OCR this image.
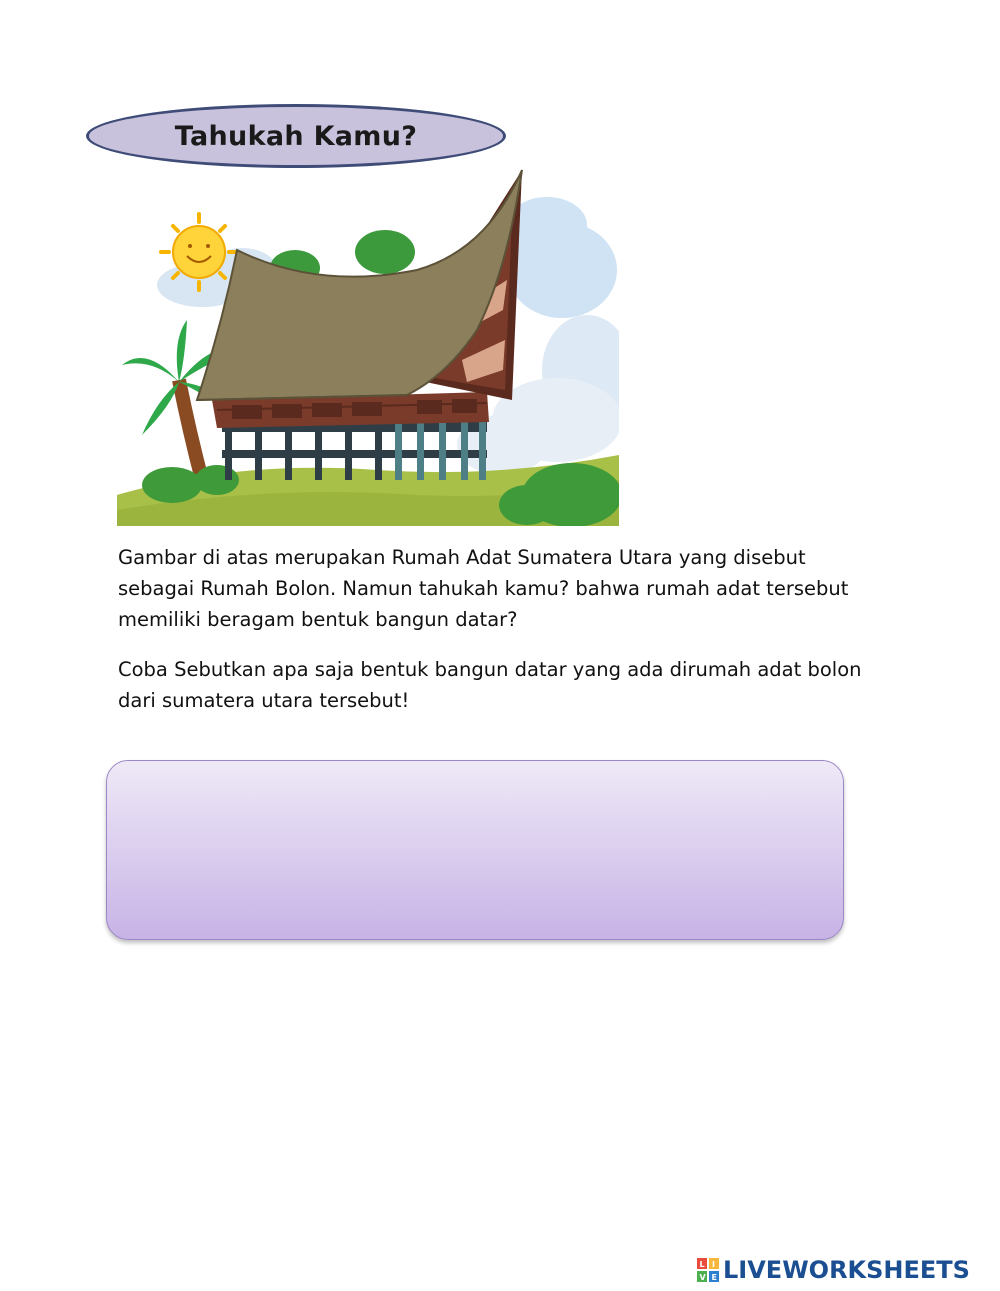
Tahukah Kamu?

Gambar di atas merupakan Rumah Adat Sumatera Utara yang disebut sebagai Rumah Bolon. Namun tahukah kamu? bahwa rumah adat tersebut memiliki beragam bentuk bangun datar?

Coba Sebutkan apa saja bentuk bangun datar yang ada dirumah adat bolon dari sumatera utara tersebut!

L I
V E LIVEWORKSHEETS
